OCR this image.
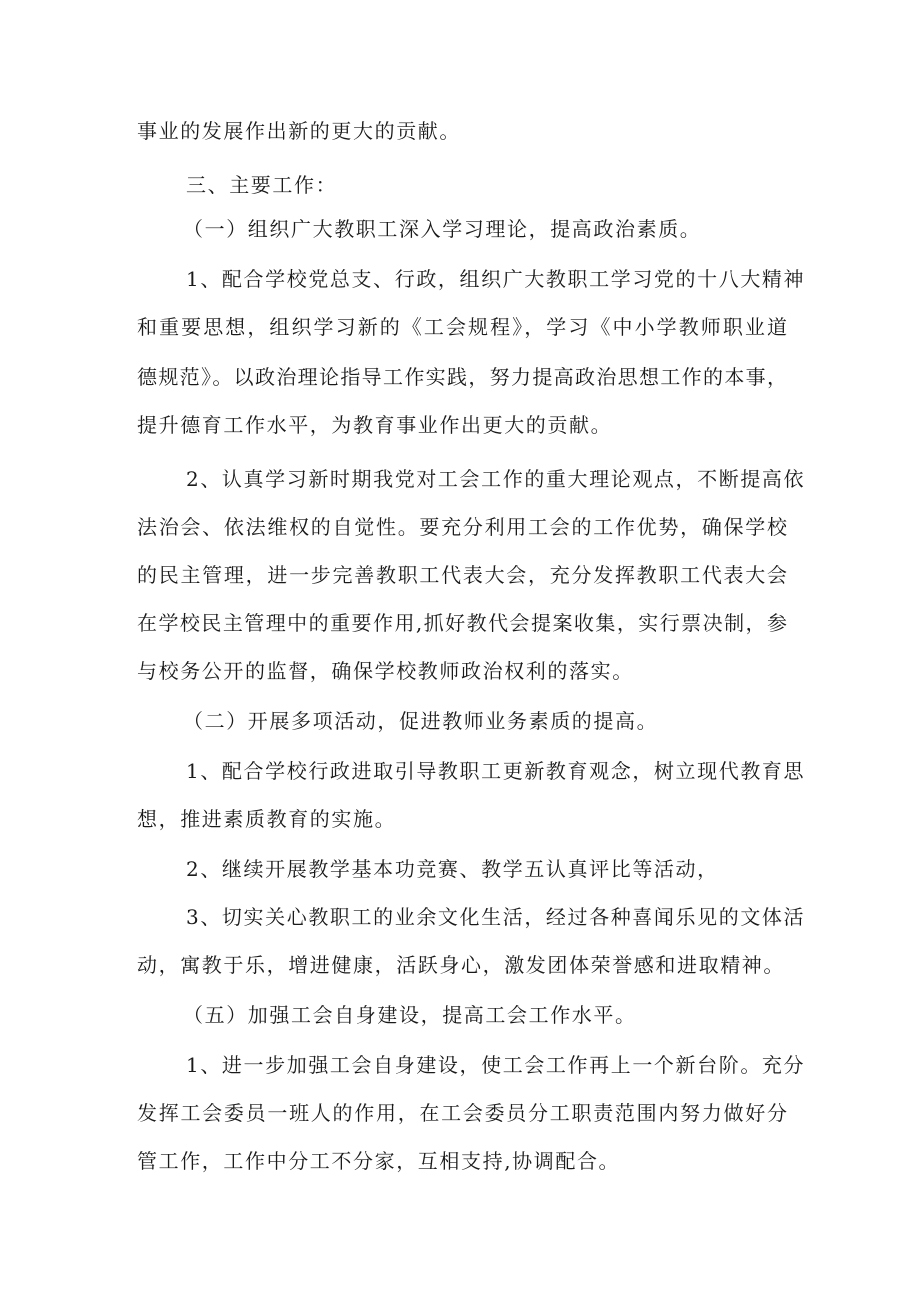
事业的发展作出新的更大的贡献。
三、主要工作：
（一）组织广大教职工深入学习理论，提高政治素质。
1、配合学校党总支、行政，组织广大教职工学习党的十八大精神
和重要思想，组织学习新的《工会规程》，学习《中小学教师职业道
德规范》。以政治理论指导工作实践，努力提高政治思想工作的本事，
提升德育工作水平，为教育事业作出更大的贡献。
2、认真学习新时期我党对工会工作的重大理论观点，不断提高依
法治会、依法维权的自觉性。要充分利用工会的工作优势，确保学校
的民主管理，进一步完善教职工代表大会，充分发挥教职工代表大会
在学校民主管理中的重要作用,抓好教代会提案收集，实行票决制，参
与校务公开的监督，确保学校教师政治权利的落实。
（二）开展多项活动，促进教师业务素质的提高。
1、配合学校行政进取引导教职工更新教育观念，树立现代教育思
想，推进素质教育的实施。
2、继续开展教学基本功竞赛、教学五认真评比等活动，
3、切实关心教职工的业余文化生活，经过各种喜闻乐见的文体活
动，寓教于乐，增进健康，活跃身心，激发团体荣誉感和进取精神。
（五）加强工会自身建设，提高工会工作水平。
1、进一步加强工会自身建设，使工会工作再上一个新台阶。充分
发挥工会委员一班人的作用，在工会委员分工职责范围内努力做好分
管工作，工作中分工不分家，互相支持,协调配合。
